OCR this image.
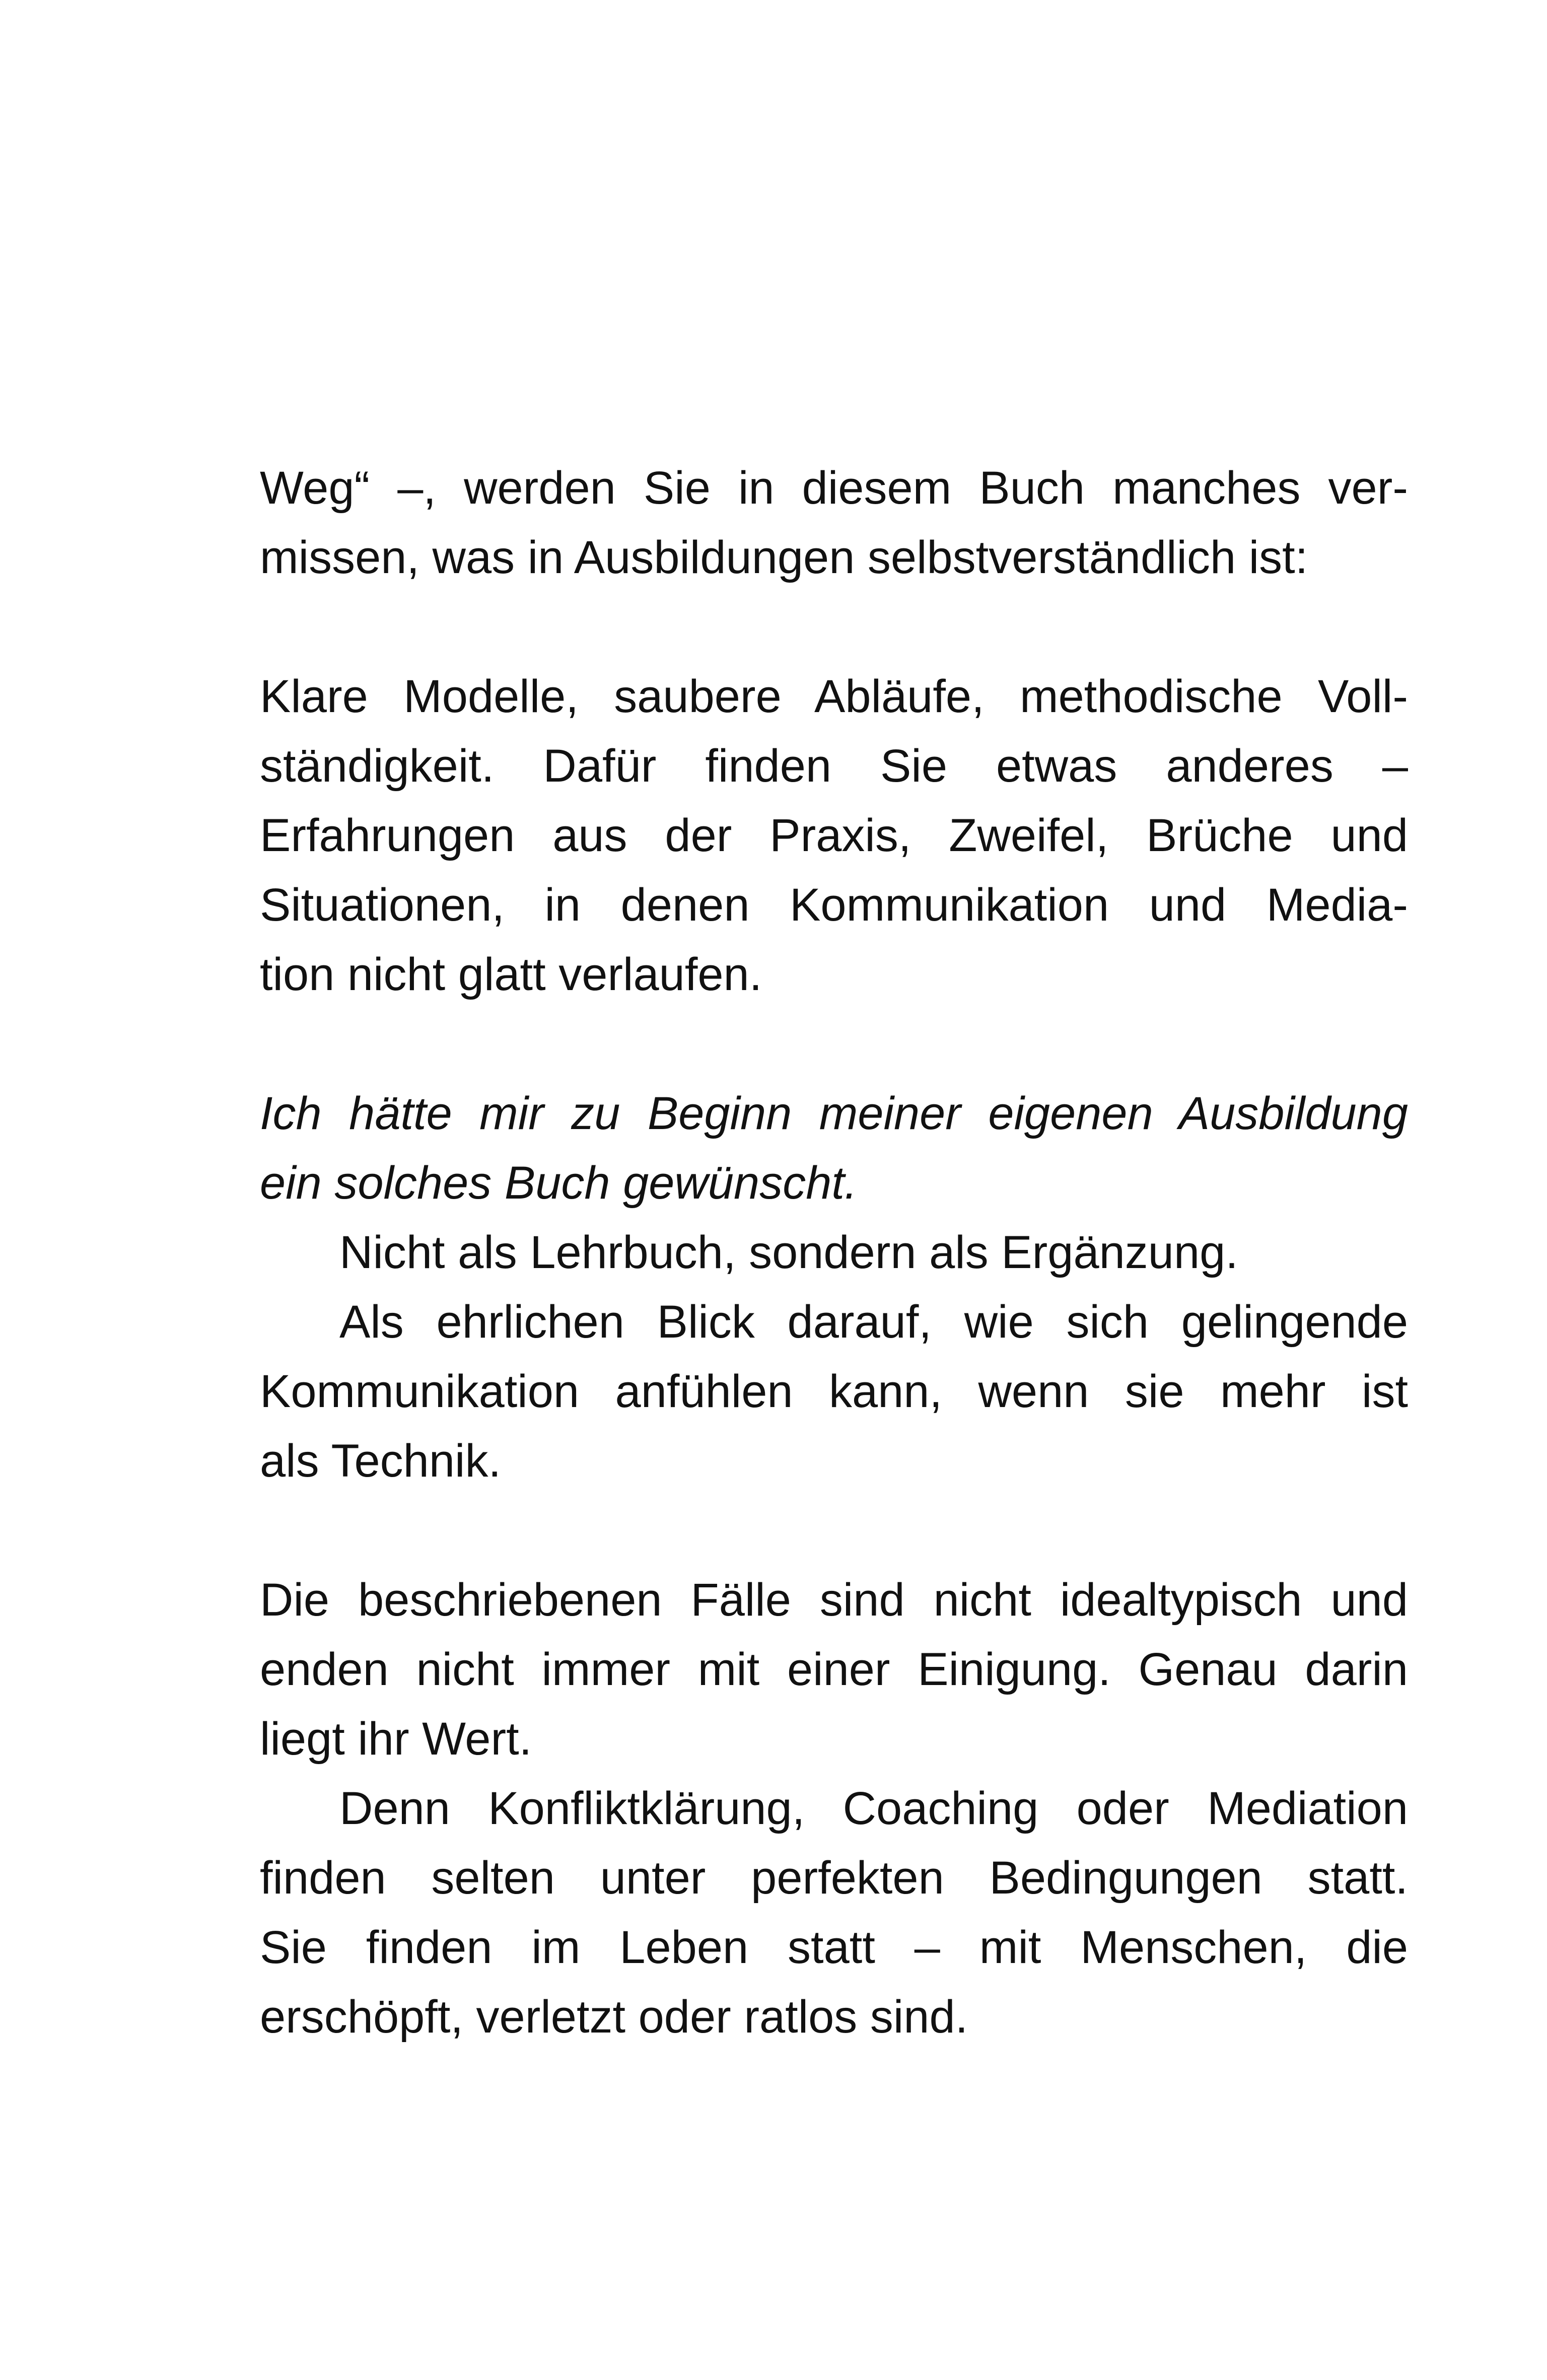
Weg“ –, werden Sie in diesem Buch manches ver-
missen, was in Ausbildungen selbstverständlich ist:

Klare Modelle, saubere Abläufe, methodische Voll-
ständigkeit. Dafür finden Sie etwas anderes –
Erfahrungen aus der Praxis, Zweifel, Brüche und
Situationen, in denen Kommunikation und Media-
tion nicht glatt verlaufen.

Ich hätte mir zu Beginn meiner eigenen Ausbildung
ein solches Buch gewünscht.

Nicht als Lehrbuch, sondern als Ergänzung.

Als ehrlichen Blick darauf, wie sich gelingende
Kommunikation anfühlen kann, wenn sie mehr ist
als Technik.

Die beschriebenen Fälle sind nicht idealtypisch und
enden nicht immer mit einer Einigung. Genau darin
liegt ihr Wert.

Denn Konfliktklärung, Coaching oder Mediation
finden selten unter perfekten Bedingungen statt.
Sie finden im Leben statt – mit Menschen, die
erschöpft, verletzt oder ratlos sind.
